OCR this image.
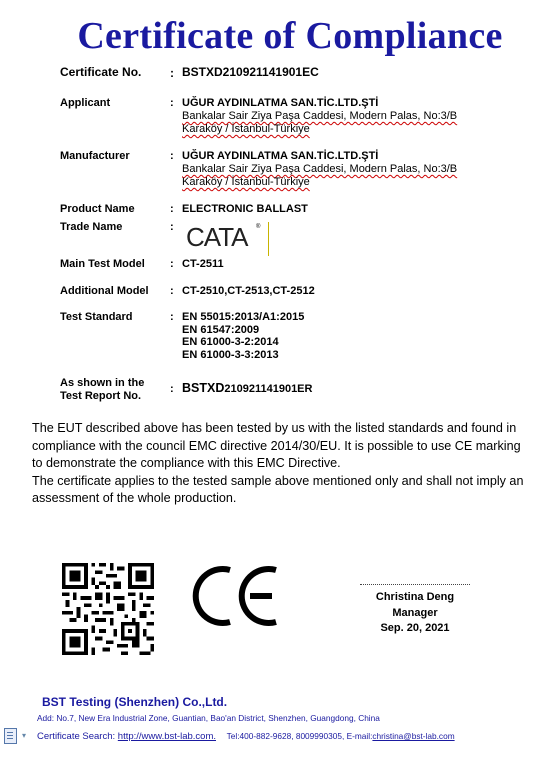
Certificate of Compliance
Certificate No.	: BSTXD210921141901EC
Applicant	: UĞUR AYDINLATMA SAN.TİC.LTD.ŞTİ
Bankalar Sair Ziya Paşa Caddesi, Modern Palas, No:3/B
Karaköy / İstanbul-Türkiye
Manufacturer	: UĞUR AYDINLATMA SAN.TİC.LTD.ŞTİ
Bankalar Sair Ziya Paşa Caddesi, Modern Palas, No:3/B
Karaköy / İstanbul-Türkiye
Product Name	: ELECTRONIC BALLAST
Trade Name	: CATA ®
Main Test Model	: CT-2511
Additional Model	: CT-2510,CT-2513,CT-2512
Test Standard	: EN 55015:2013/A1:2015
EN 61547:2009
EN 61000-3-2:2014
EN 61000-3-3:2013
As shown in the
Test Report No.
: BSTXD210921141901ER
The EUT described above has been tested by us with the listed standards and found in compliance with the council EMC directive 2014/30/EU. It is possible to use CE marking to demonstrate the compliance with this EMC Directive.
The certificate applies to the tested sample above mentioned only and shall not imply an assessment of the whole production.
Christina Deng
Manager
Sep. 20, 2021
BST Testing (Shenzhen) Co.,Ltd.
Add: No.7, New Era Industrial Zone, Guantian, Bao'an District, Shenzhen, Guangdong, China
▾ Certificate Search: http://www.bst-lab.com. Tel:400-882-9628, 8009990305, E-mail:christina@bst-lab.com
